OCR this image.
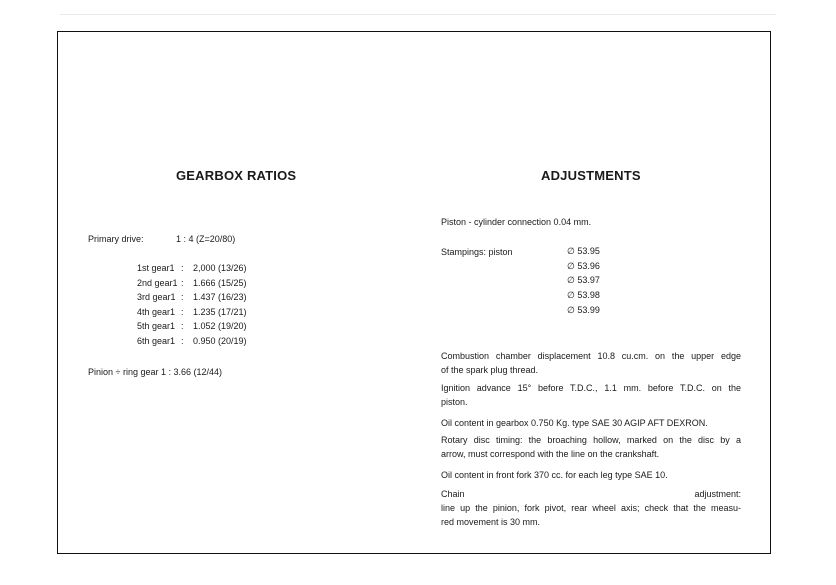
GEARBOX RATIOS
Primary drive:	1 : 4 (Z=20/80)
1st gear1 : 2,000 (13/26)
2nd gear1 : 1.666 (15/25)
3rd gear1 : 1.437 (16/23)
4th gear1 : 1.235 (17/21)
5th gear1 : 1.052 (19/20)
6th gear1 : 0.950 (20/19)
Pinion ÷ ring gear 1 : 3.66 (12/44)
ADJUSTMENTS
Piston - cylinder connection 0.04 mm.
Stampings: piston	∅ 53.95
∅ 53.96
∅ 53.97
∅ 53.98
∅ 53.99
Combustion chamber displacement 10.8 cu.cm. on the upper edge
of the spark plug thread.
Ignition advance 15° before T.D.C., 1.1 mm. before T.D.C. on the
piston.
Oil content in gearbox 0.750 Kg. type SAE 30 AGIP AFT DEXRON.
Rotary disc timing: the broaching hollow, marked on the disc by a
arrow, must correspond with the line on the crankshaft.
Oil content in front fork 370 cc. for each leg type SAE 10.
Chain adjustment:
line up the pinion, fork pivot, rear wheel axis; check that the measu-
red movement is 30 mm.
